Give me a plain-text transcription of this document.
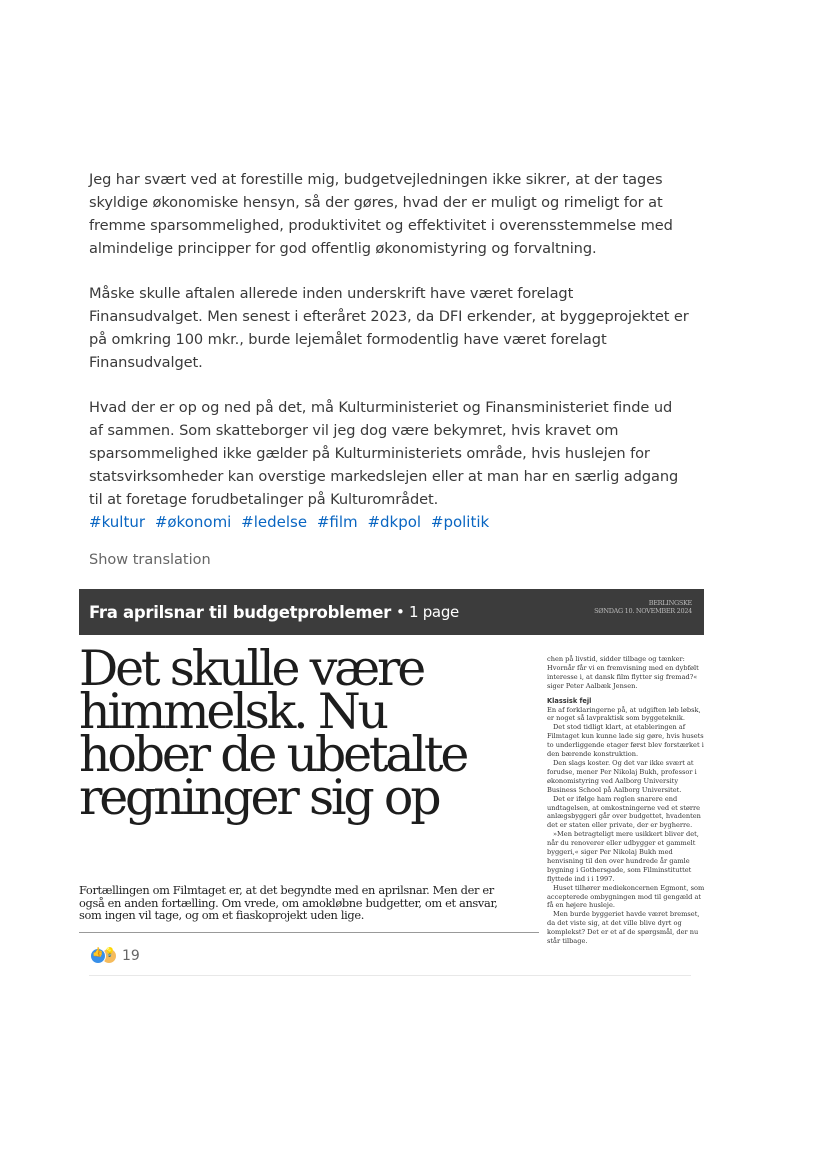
Jeg har svært ved at forestille mig, budgetvejledningen ikke sikrer, at der tages skyldige økonomiske hensyn, så der gøres, hvad der er muligt og rimeligt for at fremme sparsommelighed, produktivitet og effektivitet i overensstemmelse med almindelige principper for god offentlig økonomistyring og forvaltning.

Måske skulle aftalen allerede inden underskrift have været forelagt Finansudvalget. Men senest i efteråret 2023, da DFI erkender, at byggeprojektet er på omkring 100 mkr., burde lejemålet formodentlig have været forelagt Finansudvalget.

Hvad der er op og ned på det, må Kulturministeriet og Finansministeriet finde ud af sammen. Som skatteborger vil jeg dog være bekymret, hvis kravet om sparsommelighed ikke gælder på Kulturministeriets område, hvis huslejen for statsvirksomheder kan overstige markedslejen eller at man har en særlig adgang til at foretage forudbetalinger på Kulturområdet.

#kultur #økonomi #ledelse #film #dkpol #politik
Show translation
Fra aprilsnar til budgetproblemer • 1 page	BERLINGSKE
SØNDAG 10. NOVEMBER 2024
Det skulle være himmelsk. Nu hober de ubetalte regninger sig op
Fortællingen om Filmtaget er, at det begyndte med en aprilsnar. Men der er også en anden fortælling. Om vrede, om amokløbne budgetter, om et ansvar, som ingen vil tage, og om et fiaskoprojekt uden lige.

chen på livstid, sidder tilbage og tænker: Hvornår får vi en fremvisning med en dybfølt interesse i, at dansk film flytter sig fremad?« siger Peter Aalbæk Jensen.

Klassisk fejl

En af forklaringerne på, at udgiften løb løbsk, er noget så lavpraktisk som byggeteknik.

Det stod tidligt klart, at etableringen af Filmtaget kun kunne lade sig gøre, hvis husets to underliggende etager først blev forstærket i den bærende konstruktion.

Den slags koster. Og det var ikke svært at forudse, mener Per Nikolaj Bukh, professor i økonomistyring ved Aalborg University Business School på Aalborg Universitet.

Det er ifølge ham reglen snarere end undtagelsen, at omkostningerne ved et større anlægsbyggeri går over budgettet, hvadenten det er staten eller private, der er bygherre.

»Men betragteligt mere usikkert bliver det, når du renoverer eller udbygger et gammelt byggeri,« siger Per Nikolaj Bukh med henvisning til den over hundrede år gamle bygning i Gothersgade, som Filminstituttet flyttede ind i i 1997.

Huset tilhører mediekoncernen Egmont, som accepterede ombygningen mod til gengæld at få en højere husleje.

Men burde byggeriet havde været bremset, da det viste sig, at det ville blive dyrt og komplekst? Det er et af de spørgsmål, der nu står tilbage.

👍
💡
19
